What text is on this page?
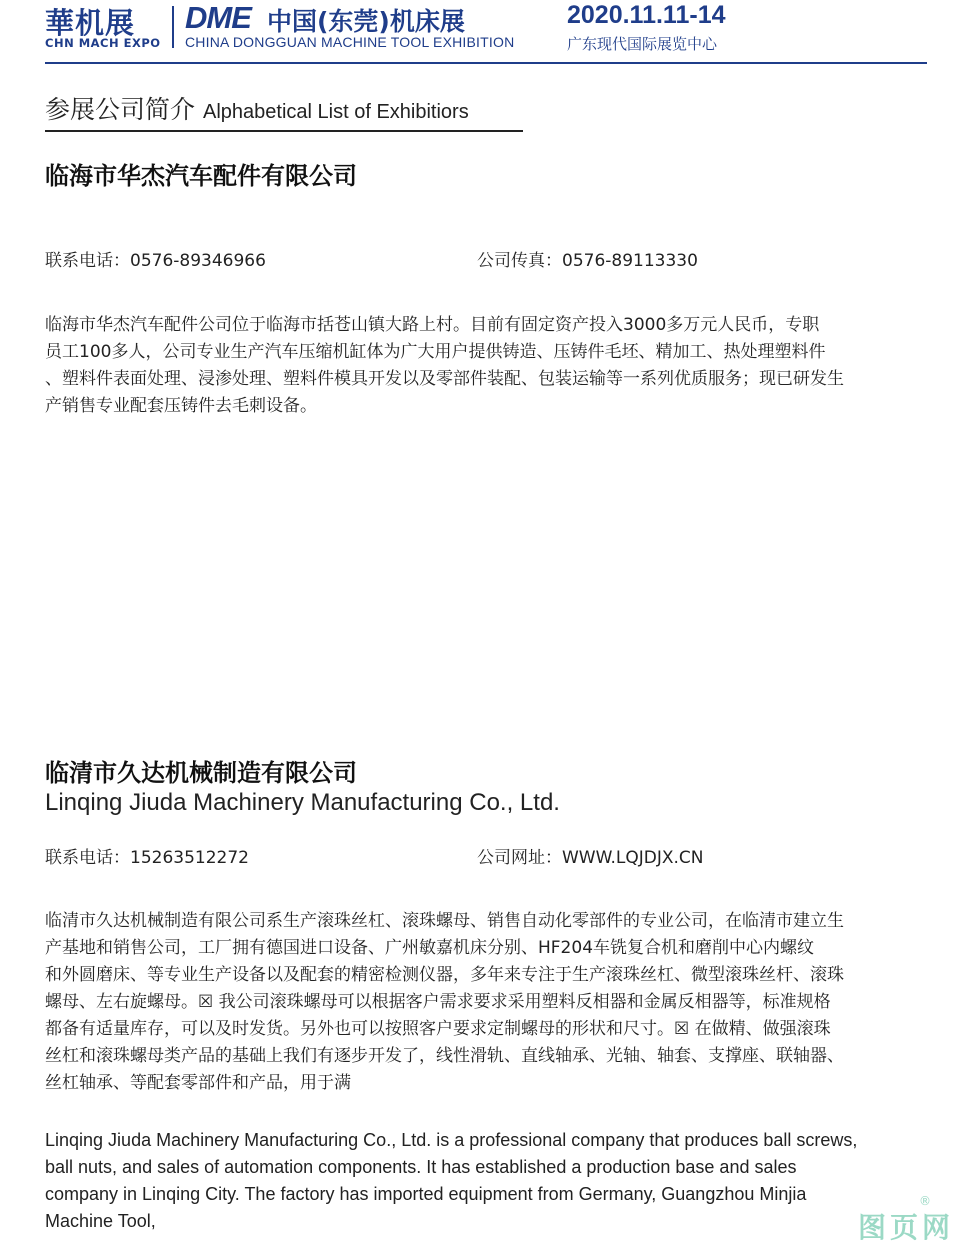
華机展
CHN MACH EXPO
DME 中国(东莞)机床展	2020.11.11-14
CHINA DONGGUAN MACHINE TOOL EXHIBITION	广东现代国际展览中心
参展公司简介 Alphabetical List of Exhibitiors
临海市华杰汽车配件有限公司
联系电话：0576-89346966	公司传真：0576-89113330
临海市华杰汽车配件公司位于临海市括苍山镇大路上村。目前有固定资产投入3000多万元人民币，专职
员工100多人，公司专业生产汽车压缩机缸体为广大用户提供铸造、压铸件毛坯、精加工、热处理塑料件
、塑料件表面处理、浸渗处理、塑料件模具开发以及零部件装配、包装运输等一系列优质服务；现已研发生
产销售专业配套压铸件去毛刺设备。
临清市久达机械制造有限公司
Linqing Jiuda Machinery Manufacturing Co., Ltd.
联系电话：15263512272	公司网址：WWW.LQJDJX.CN
临清市久达机械制造有限公司系生产滚珠丝杠、滚珠螺母、销售自动化零部件的专业公司，在临清市建立生
产基地和销售公司，工厂拥有德国进口设备、广州敏嘉机床分别、HF204车铣复合机和磨削中心内螺纹
和外圆磨床、等专业生产设备以及配套的精密检测仪器，多年来专注于生产滚珠丝杠、微型滚珠丝杆、滚珠
螺母、左右旋螺母。☒ 我公司滚珠螺母可以根据客户需求要求采用塑料反相器和金属反相器等，标准规格
都备有适量库存，可以及时发货。另外也可以按照客户要求定制螺母的形状和尺寸。☒ 在做精、做强滚珠
丝杠和滚珠螺母类产品的基础上我们有逐步开发了，线性滑轨、直线轴承、光轴、轴套、支撑座、联轴器、
丝杠轴承、等配套零部件和产品，用于满
Linqing Jiuda Machinery Manufacturing Co., Ltd. is a professional company that produces ball screws,
ball nuts, and sales of automation components. It has established a production base and sales
company in Linqing City. The factory has imported equipment from Germany, Guangzhou Minjia
Machine Tool,	图页网
®
